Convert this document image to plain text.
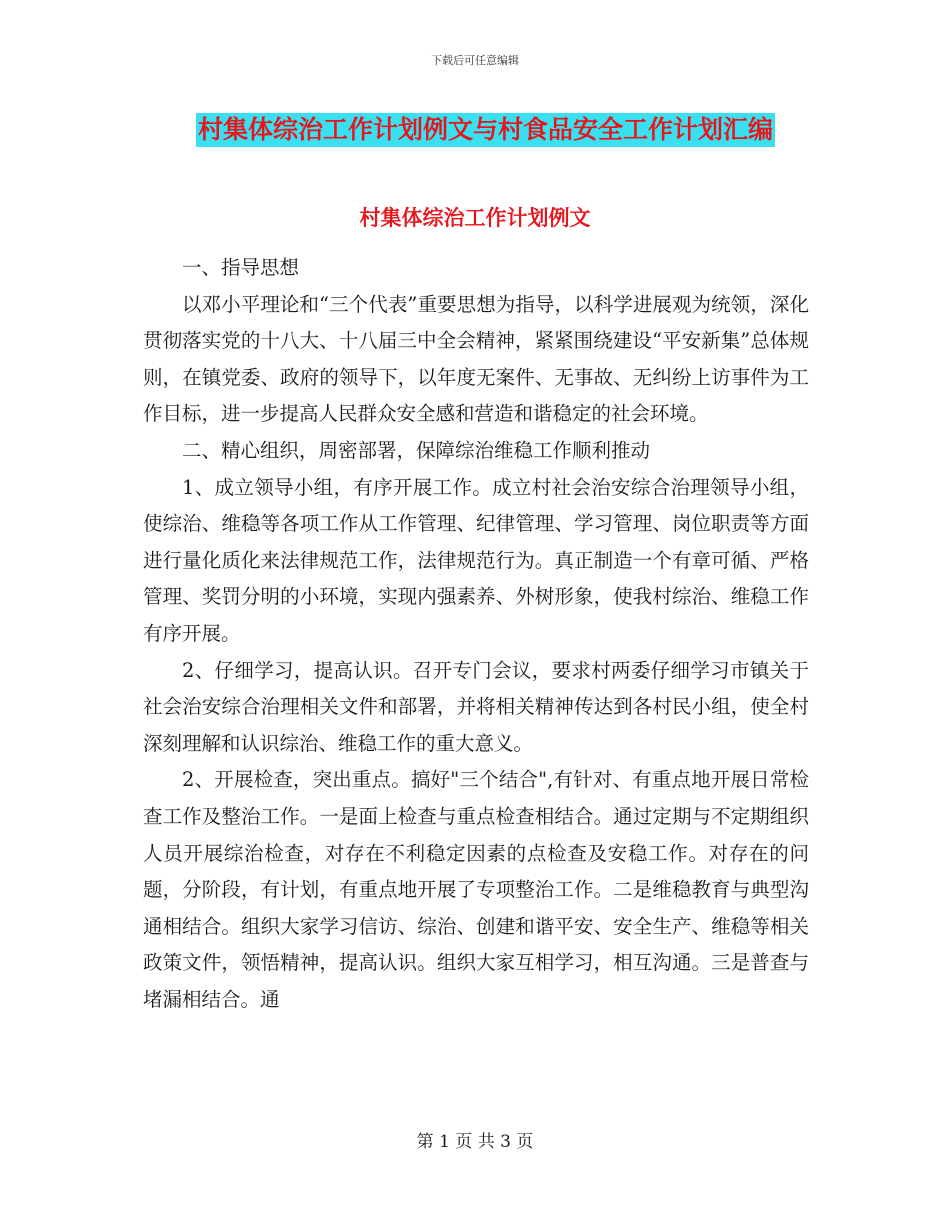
下载后可任意编辑
村集体综治工作计划例文与村食品安全工作计划汇编
村集体综治工作计划例文

一、指导思想

以邓小平理论和“三个代表”重要思想为指导，以科学进展观为统领，深化贯彻落实党的十八大、十八届三中全会精神，紧紧围绕建设“平安新集”总体规则，在镇党委、政府的领导下，以年度无案件、无事故、无纠纷上访事件为工作目标，进一步提高人民群众安全感和营造和谐稳定的社会环境。

二、精心组织，周密部署，保障综治维稳工作顺利推动

1、成立领导小组，有序开展工作。成立村社会治安综合治理领导小组，使综治、维稳等各项工作从工作管理、纪律管理、学习管理、岗位职责等方面进行量化质化来法律规范工作，法律规范行为。真正制造一个有章可循、严格管理、奖罚分明的小环境，实现内强素养、外树形象，使我村综治、维稳工作有序开展。

2、仔细学习，提高认识。召开专门会议，要求村两委仔细学习市镇关于社会治安综合治理相关文件和部署，并将相关精神传达到各村民小组，使全村深刻理解和认识综治、维稳工作的重大意义。

2、开展检查，突出重点。搞好"三个结合",有针对、有重点地开展日常检查工作及整治工作。一是面上检查与重点检查相结合。通过定期与不定期组织人员开展综治检查，对存在不利稳定因素的点检查及安稳工作。对存在的问题，分阶段，有计划，有重点地开展了专项整治工作。二是维稳教育与典型沟通相结合。组织大家学习信访、综治、创建和谐平安、安全生产、维稳等相关政策文件，领悟精神，提高认识。组织大家互相学习，相互沟通。三是普查与堵漏相结合。通

第 1 页 共 3 页
